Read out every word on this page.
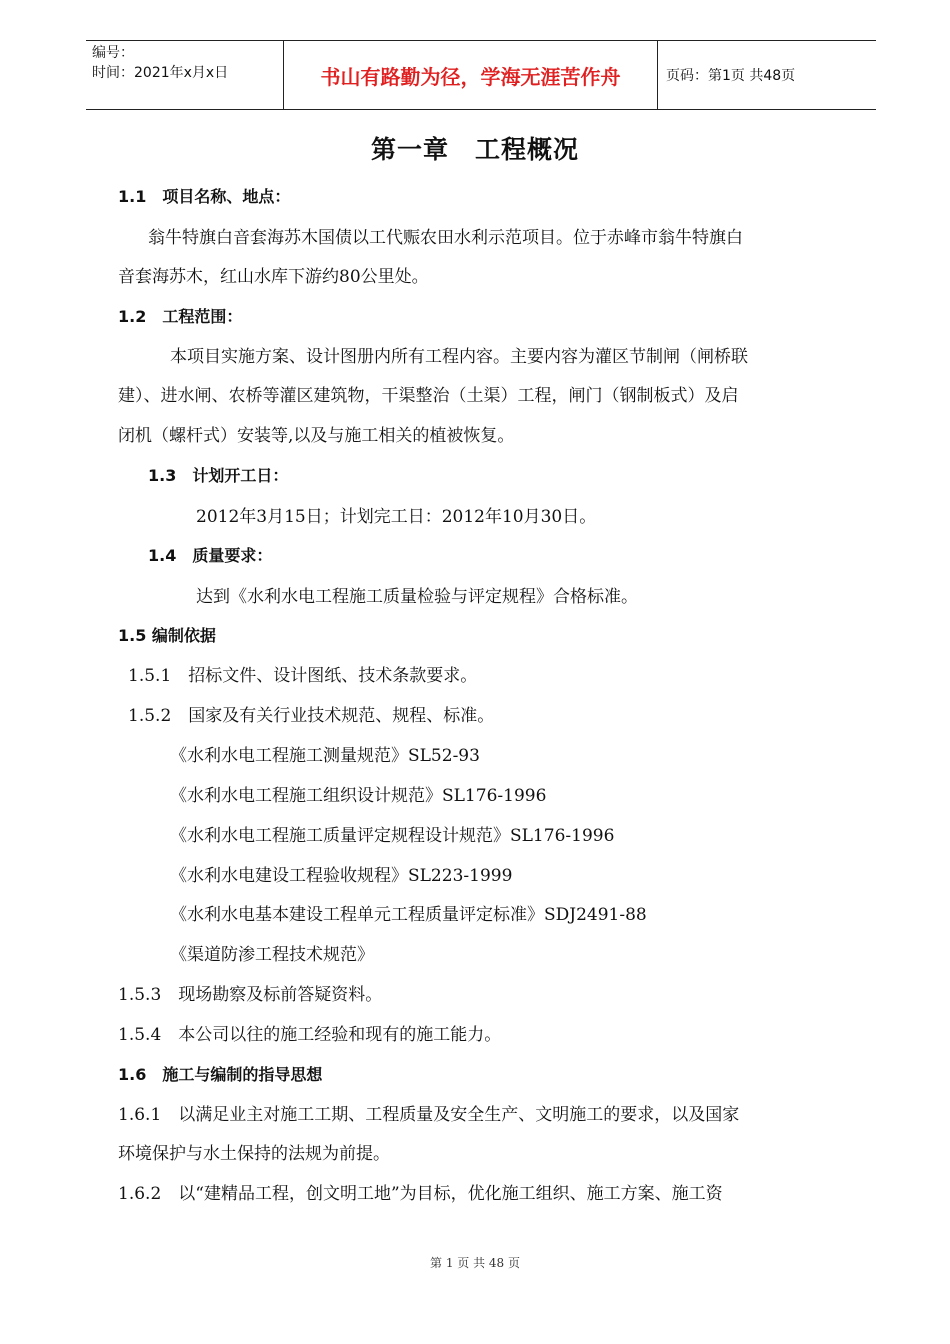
编号：
时间：2021年x月x日	书山有路勤为径，学海无涯苦作舟	页码：第1页 共48页
第一章　工程概况
1.1　项目名称、地点：
翁牛特旗白音套海苏木国债以工代赈农田水利示范项目。位于赤峰市翁牛特旗白
音套海苏木，红山水库下游约80公里处。
1.2　工程范围：
本项目实施方案、设计图册内所有工程内容。主要内容为灌区节制闸（闸桥联
建）、进水闸、农桥等灌区建筑物，干渠整治（土渠）工程，闸门（钢制板式）及启
闭机（螺杆式）安装等,以及与施工相关的植被恢复。
1.3　计划开工日：
2012年3月15日；计划完工日：2012年10月30日。
1.4　质量要求：
达到《水利水电工程施工质量检验与评定规程》合格标准。
1.5 编制依据
1.5.1　招标文件、设计图纸、技术条款要求。
1.5.2　国家及有关行业技术规范、规程、标准。
《水利水电工程施工测量规范》SL52-93
《水利水电工程施工组织设计规范》SL176-1996
《水利水电工程施工质量评定规程设计规范》SL176-1996
《水利水电建设工程验收规程》SL223-1999
《水利水电基本建设工程单元工程质量评定标准》SDJ2491-88
《渠道防渗工程技术规范》
1.5.3　现场勘察及标前答疑资料。
1.5.4　本公司以往的施工经验和现有的施工能力。
1.6　施工与编制的指导思想
1.6.1　以满足业主对施工工期、工程质量及安全生产、文明施工的要求，以及国家
环境保护与水土保持的法规为前提。
1.6.2　以“建精品工程，创文明工地”为目标，优化施工组织、施工方案、施工资
第 1 页 共 48 页
